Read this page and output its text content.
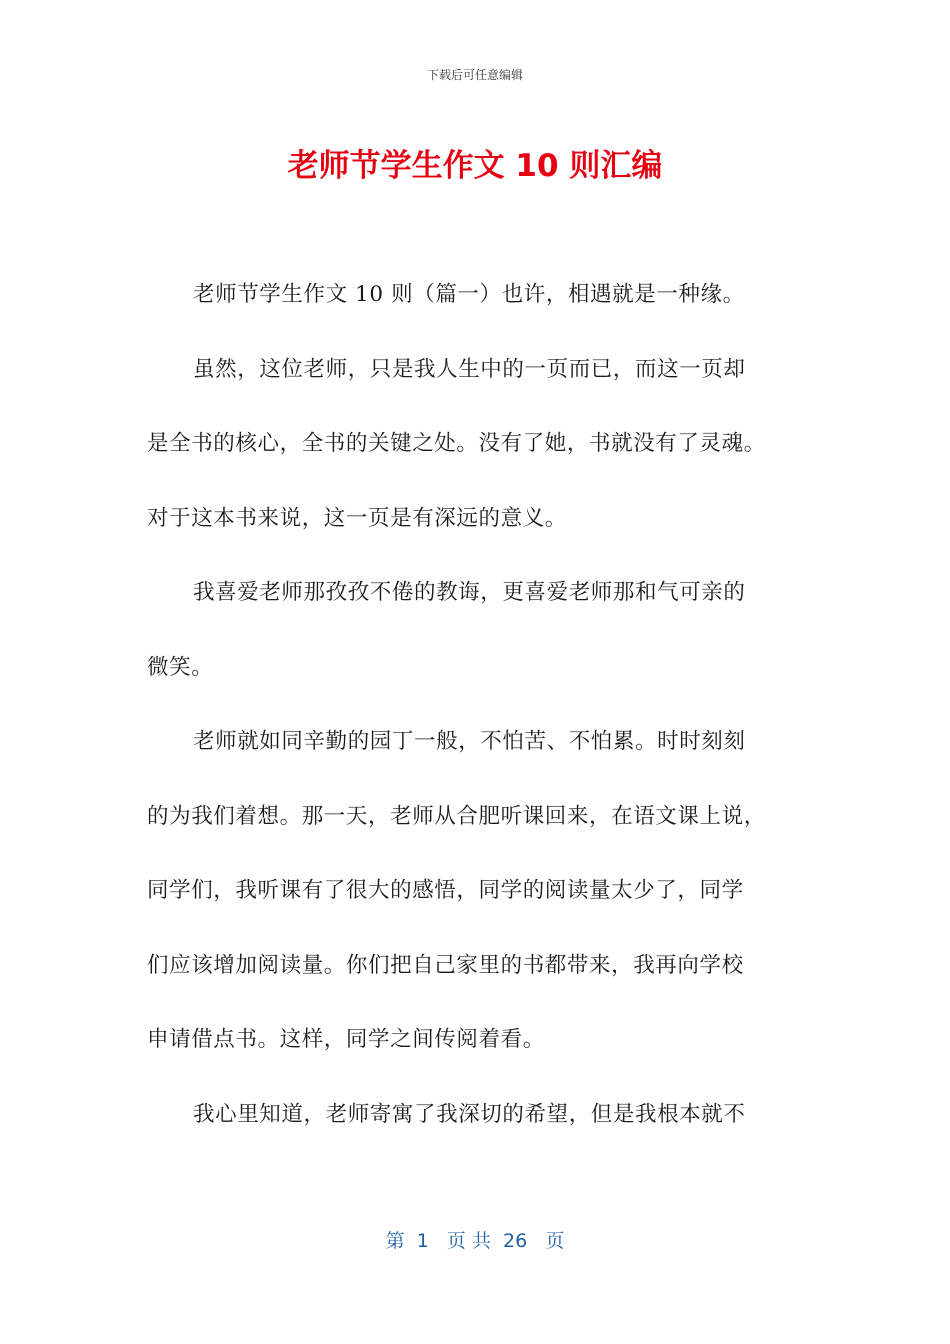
下载后可任意编辑
老师节学生作文 10 则汇编
老师节学生作文 10 则（篇一）也许，相遇就是一种缘。
虽然，这位老师，只是我人生中的一页而已，而这一页却
是全书的核心，全书的关键之处。没有了她，书就没有了灵魂。
对于这本书来说，这一页是有深远的意义。
我喜爱老师那孜孜不倦的教诲，更喜爱老师那和气可亲的
微笑。
老师就如同辛勤的园丁一般，不怕苦、不怕累。时时刻刻
的为我们着想。那一天，老师从合肥听课回来，在语文课上说，
同学们，我听课有了很大的感悟，同学的阅读量太少了，同学
们应该增加阅读量。你们把自己家里的书都带来，我再向学校
申请借点书。这样，同学之间传阅着看。
我心里知道，老师寄寓了我深切的希望，但是我根本就不
第  1   页 共  26   页
